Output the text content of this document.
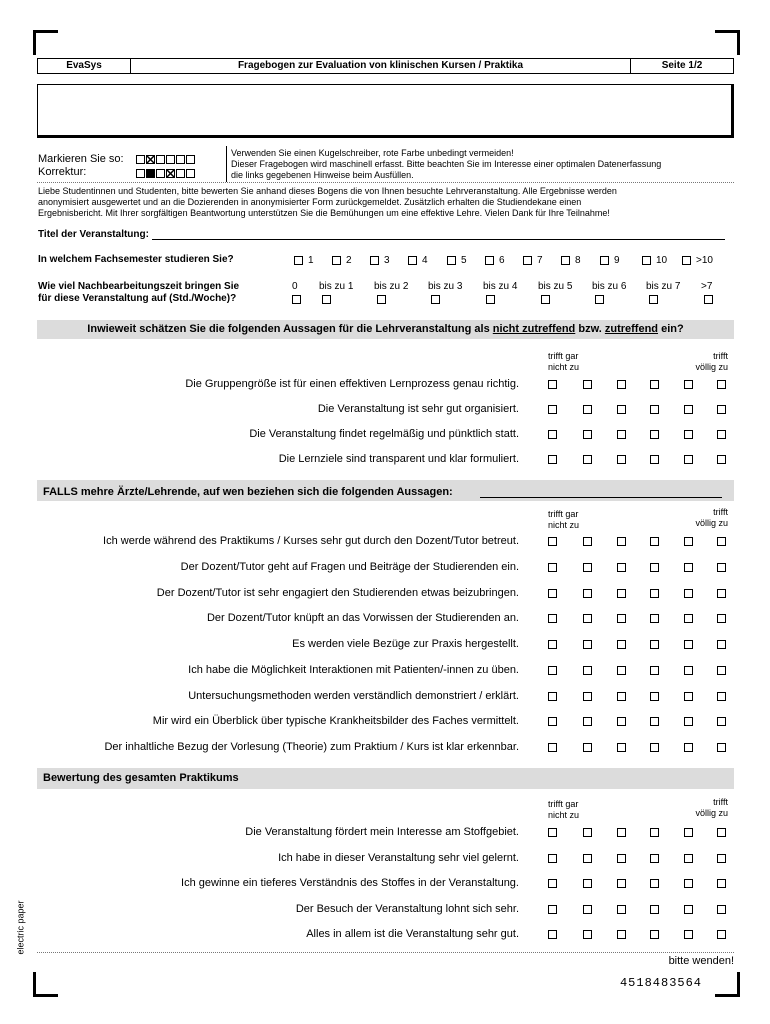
EvaSys	Fragebogen zur Evaluation von klinischen Kursen / Praktika	Seite 1/2
Markieren Sie so:
Korrektur:
Verwenden Sie einen Kugelschreiber, rote Farbe unbedingt vermeiden!
Dieser Fragebogen wird maschinell erfasst. Bitte beachten Sie im Interesse einer optimalen Datenerfassung
die links gegebenen Hinweise beim Ausfüllen.
Liebe Studentinnen und Studenten, bitte bewerten Sie anhand dieses Bogens die von Ihnen besuchte Lehrveranstaltung. Alle Ergebnisse werden
anonymisiert ausgewertet und an die Dozierenden in anonymisierter Form zurückgemeldet. Zusätzlich erhalten die Studiendekane einen
Ergebnisbericht. Mit Ihrer sorgfältigen Beantwortung unterstützen Sie die Bemühungen um eine effektive Lehre. Vielen Dank für Ihre Teilnahme!
Titel der Veranstaltung:
In welchem Fachsemester studieren Sie?	1	2	3	4	5	6	7	8	9	10	>10
Wie viel Nachbearbeitungszeit bringen Sie
für diese Veranstaltung auf (Std./Woche)?
0 bis zu 1 bis zu 2 bis zu 3 bis zu 4 bis zu 5 bis zu 6 bis zu 7 >7
Inwieweit schätzen Sie die folgenden Aussagen für die Lehrveranstaltung als nicht zutreffend bzw. zutreffend ein?
trifft gar
nicht zu
trifft
völlig zu
Die Gruppengröße ist für einen effektiven Lernprozess genau richtig.
Die Veranstaltung ist sehr gut organisiert.
Die Veranstaltung findet regelmäßig und pünktlich statt.
Die Lernziele sind transparent und klar formuliert.
FALLS mehre Ärzte/Lehrende, auf wen beziehen sich die folgenden Aussagen:
trifft gar
nicht zu
trifft
völlig zu
Ich werde während des Praktikums / Kurses sehr gut durch den Dozent/Tutor betreut.
Der Dozent/Tutor geht auf Fragen und Beiträge der Studierenden ein.
Der Dozent/Tutor ist sehr engagiert den Studierenden etwas beizubringen.
Der Dozent/Tutor knüpft an das Vorwissen der Studierenden an.
Es werden viele Bezüge zur Praxis hergestellt.
Ich habe die Möglichkeit Interaktionen mit Patienten/-innen zu üben.
Untersuchungsmethoden werden verständlich demonstriert / erklärt.
Mir wird ein Überblick über typische Krankheitsbilder des Faches vermittelt.
Der inhaltliche Bezug der Vorlesung (Theorie) zum Praktium / Kurs ist klar erkennbar.
Bewertung des gesamten Praktikums
trifft gar
nicht zu
trifft
völlig zu
Die Veranstaltung fördert mein Interesse am Stoffgebiet.
Ich habe in dieser Veranstaltung sehr viel gelernt.
Ich gewinne ein tieferes Verständnis des Stoffes in der Veranstaltung.
Der Besuch der Veranstaltung lohnt sich sehr.
Alles in allem ist die Veranstaltung sehr gut.
electric paper
bitte wenden!
4518483564
